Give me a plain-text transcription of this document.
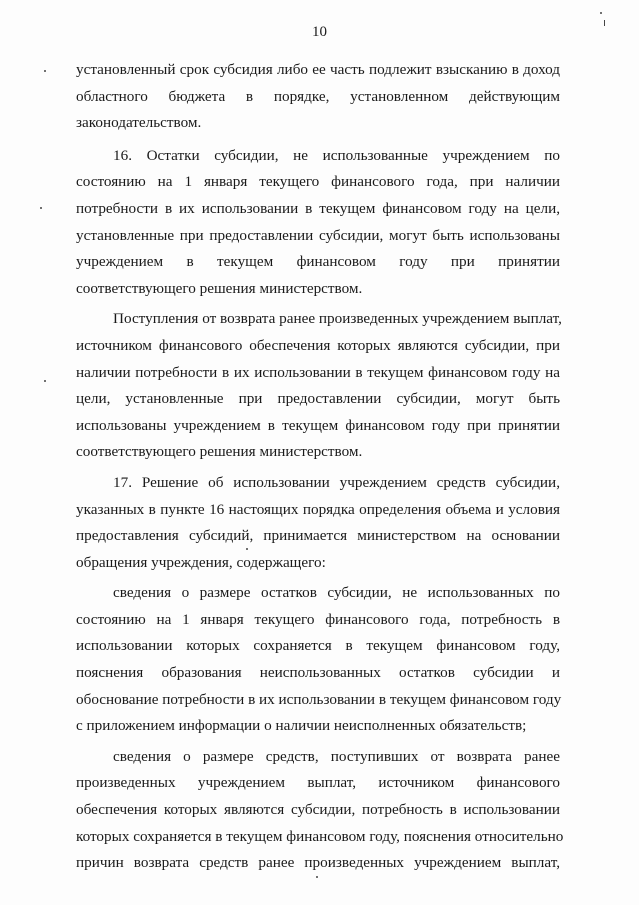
10
установленный срок субсидия либо ее часть подлежит взысканию в доход
областного бюджета в порядке, установленном действующим
законодательством.
16. Остатки субсидии, не использованные учреждением по
состоянию на 1 января текущего финансового года, при наличии
потребности в их использовании в текущем финансовом году на цели,
установленные при предоставлении субсидии, могут быть использованы
учреждением в текущем финансовом году при принятии
соответствующего решения министерством.
Поступления от возврата ранее произведенных учреждением выплат,
источником финансового обеспечения которых являются субсидии, при
наличии потребности в их использовании в текущем финансовом году на
цели, установленные при предоставлении субсидии, могут быть
использованы учреждением в текущем финансовом году при принятии
соответствующего решения министерством.
17. Решение об использовании учреждением средств субсидии,
указанных в пункте 16 настоящих порядка определения объема и условия
предоставления субсидий, принимается министерством на основании
обращения учреждения, содержащего:
сведения о размере остатков субсидии, не использованных по
состоянию на 1 января текущего финансового года, потребность в
использовании которых сохраняется в текущем финансовом году,
пояснения образования неиспользованных остатков субсидии и
обоснование потребности в их использовании в текущем финансовом году
с приложением информации о наличии неисполненных обязательств;
сведения о размере средств, поступивших от возврата ранее
произведенных учреждением выплат, источником финансового
обеспечения которых являются субсидии, потребность в использовании
которых сохраняется в текущем финансовом году, пояснения относительно
причин возврата средств ранее произведенных учреждением выплат,
